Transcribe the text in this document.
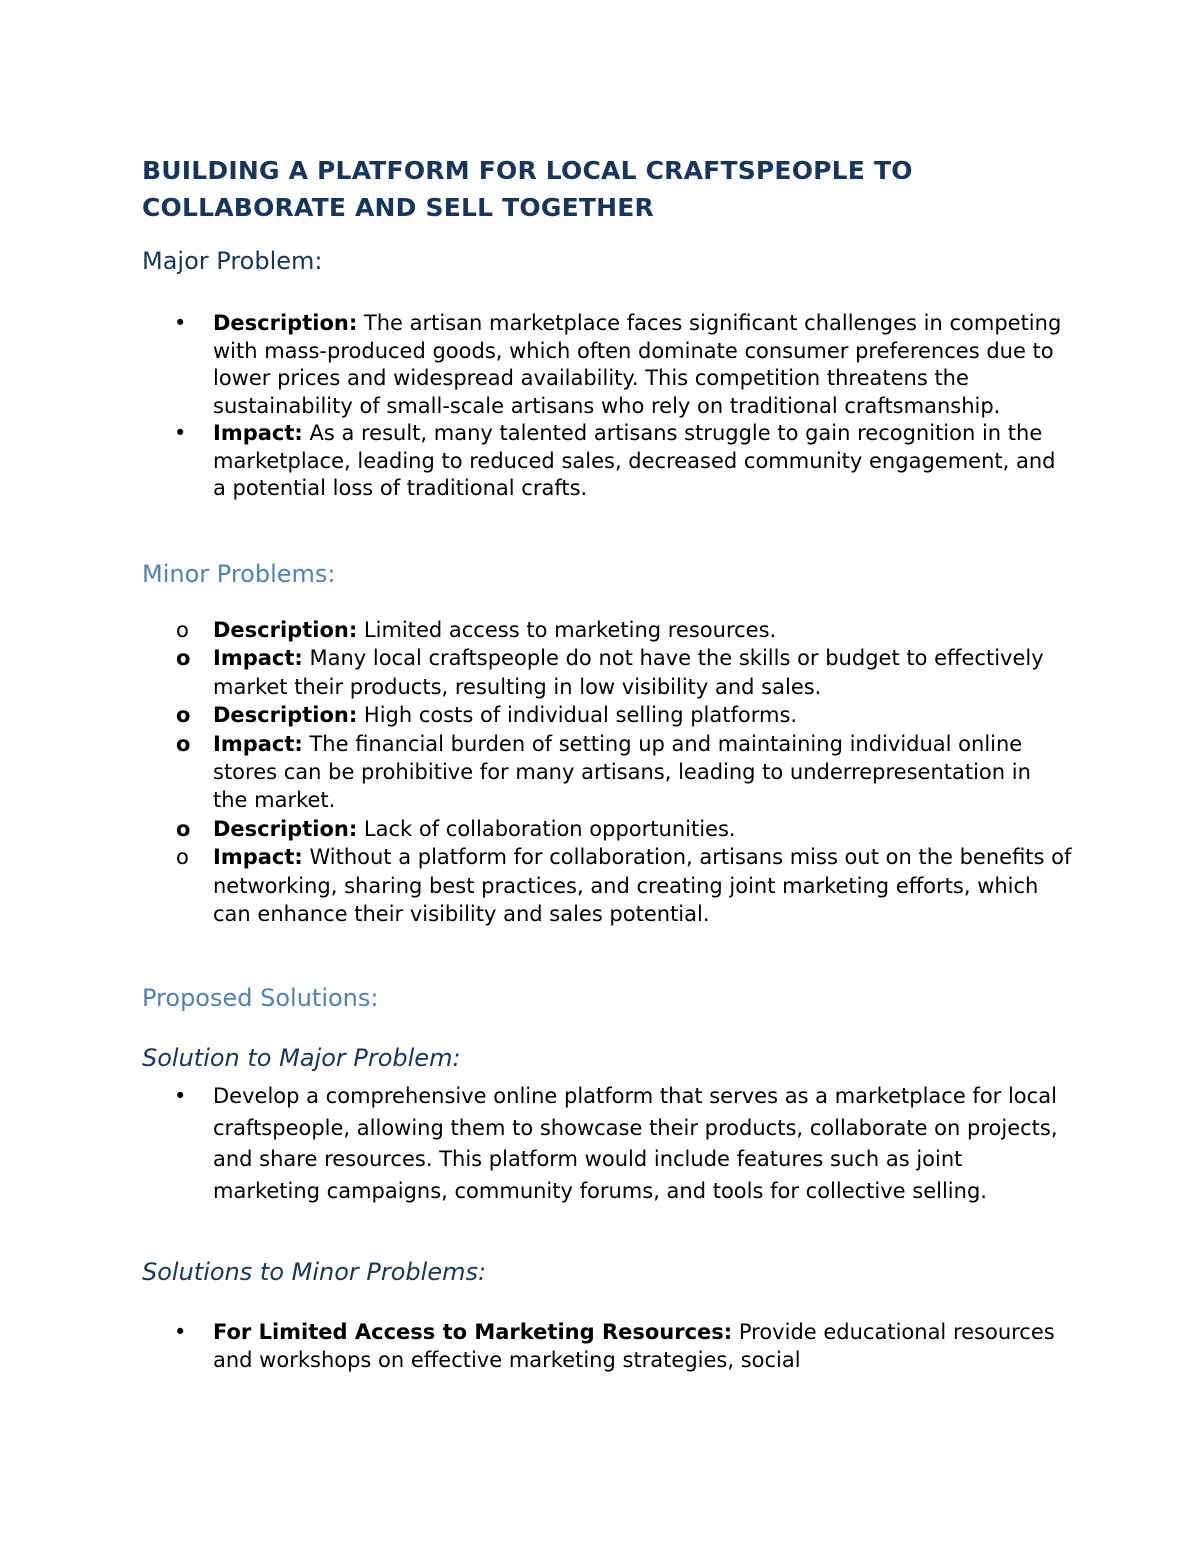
BUILDING A PLATFORM FOR LOCAL CRAFTSPEOPLE TO COLLABORATE AND SELL TOGETHER
Major Problem:
• Description: The artisan marketplace faces significant challenges in competing with mass-produced goods, which often dominate consumer preferences due to lower prices and widespread availability. This competition threatens the sustainability of small-scale artisans who rely on traditional craftsmanship.
• Impact: As a result, many talented artisans struggle to gain recognition in the marketplace, leading to reduced sales, decreased community engagement, and a potential loss of traditional crafts.
Minor Problems:
o Description: Limited access to marketing resources.
o Impact: Many local craftspeople do not have the skills or budget to effectively market their products, resulting in low visibility and sales.
o Description: High costs of individual selling platforms.
o Impact: The financial burden of setting up and maintaining individual online stores can be prohibitive for many artisans, leading to underrepresentation in the market.
o Description: Lack of collaboration opportunities.
o Impact: Without a platform for collaboration, artisans miss out on the benefits of networking, sharing best practices, and creating joint marketing efforts, which can enhance their visibility and sales potential.
Proposed Solutions:
Solution to Major Problem:
• Develop a comprehensive online platform that serves as a marketplace for local craftspeople, allowing them to showcase their products, collaborate on projects, and share resources. This platform would include features such as joint marketing campaigns, community forums, and tools for collective selling.
Solutions to Minor Problems:
• For Limited Access to Marketing Resources: Provide educational resources and workshops on effective marketing strategies, social
